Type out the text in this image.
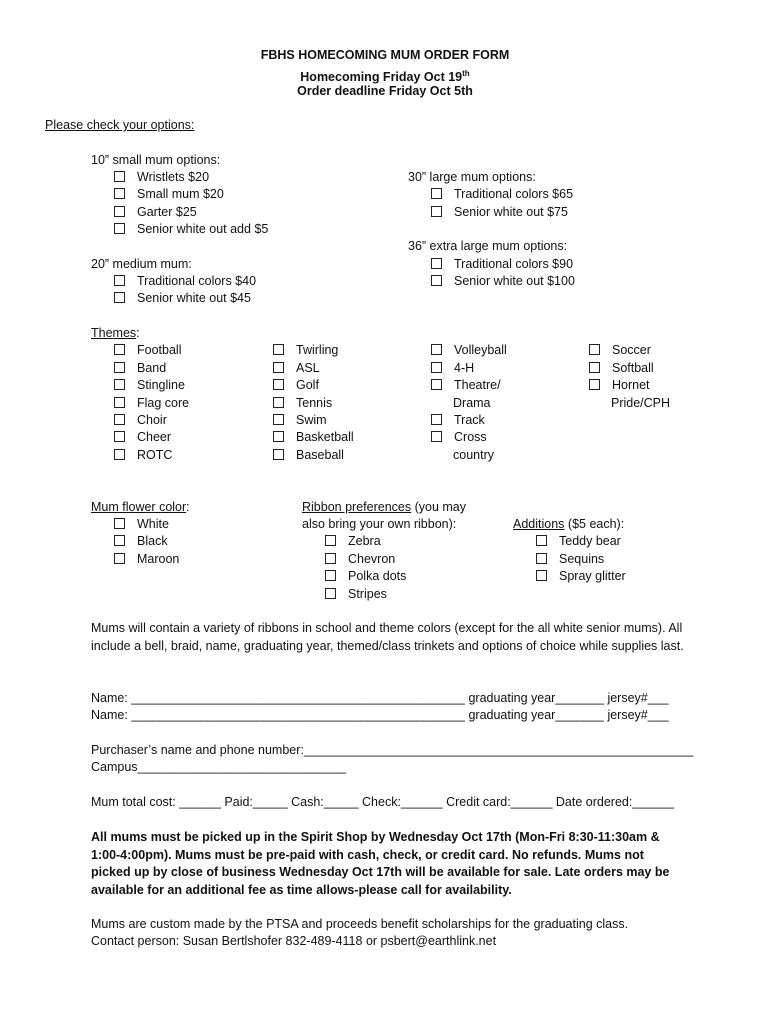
FBHS HOMECOMING MUM ORDER FORM
Homecoming Friday Oct 19th
Order deadline Friday Oct 5th
Please check your options:
10” small mum options:
Wristlets $20
Small mum $20
Garter $25
Senior white out add $5
20” medium mum:
Traditional colors $40
Senior white out $45
30” large mum options:
Traditional colors $65
Senior white out $75
36” extra large mum options:
Traditional colors $90
Senior white out $100
Themes:
Football
Band
Stingline
Flag core
Choir
Cheer
ROTC
Twirling
ASL
Golf
Tennis
Swim
Basketball
Baseball
Volleyball
4-H
Theatre/
Drama
Track
Cross
country
Soccer
Softball
Hornet
Pride/CPH
Mum flower color:
White
Black
Maroon
Ribbon preferences (you may
also bring your own ribbon):
Zebra
Chevron
Polka dots
Stripes
Additions ($5 each):
Teddy bear
Sequins
Spray glitter
Mums will contain a variety of ribbons in school and theme colors (except for the all white senior mums). All include a bell, braid, name, graduating year, themed/class trinkets and options of choice while supplies last.
Name: ________________________________________________ graduating year_______ jersey#___
Name: ________________________________________________ graduating year_______ jersey#___
Purchaser’s name and phone number:________________________________________________________
Campus______________________________
Mum total cost: ______ Paid:_____ Cash:_____ Check:______ Credit card:______ Date ordered:______
All mums must be picked up in the Spirit Shop by Wednesday Oct 17th (Mon-Fri 8:30-11:30am & 1:00-4:00pm). Mums must be pre-paid with cash, check, or credit card. No refunds. Mums not picked up by close of business Wednesday Oct 17th will be available for sale. Late orders may be available for an additional fee as time allows-please call for availability.
Mums are custom made by the PTSA and proceeds benefit scholarships for the graduating class.
Contact person: Susan Bertlshofer 832-489-4118 or psbert@earthlink.net
